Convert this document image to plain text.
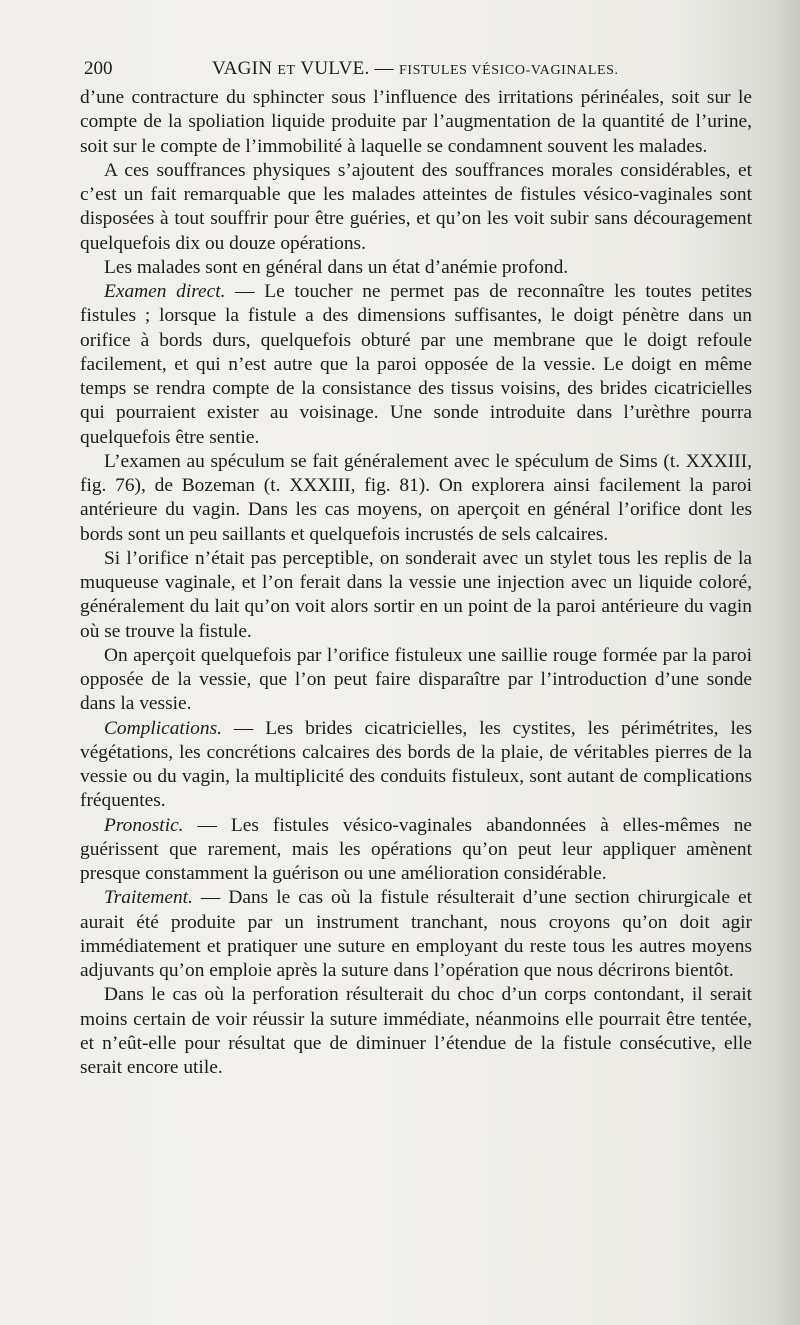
200	VAGIN ET VULVE. — FISTULES VÉSICO-VAGINALES.

d’une contracture du sphincter sous l’influence des irritations périnéales, soit sur le compte de la spoliation liquide produite par l’augmentation de la quantité de l’urine, soit sur le compte de l’immobilité à laquelle se condamnent souvent les malades.

A ces souffrances physiques s’ajoutent des souffrances morales considérables, et c’est un fait remarquable que les malades atteintes de fistules vésico-vaginales sont disposées à tout souffrir pour être guéries, et qu’on les voit subir sans découragement quelquefois dix ou douze opérations.

Les malades sont en général dans un état d’anémie profond.

Examen direct. — Le toucher ne permet pas de reconnaître les toutes petites fistules ; lorsque la fistule a des dimensions suffisantes, le doigt pénètre dans un orifice à bords durs, quelquefois obturé par une membrane que le doigt refoule facilement, et qui n’est autre que la paroi opposée de la vessie. Le doigt en même temps se rendra compte de la consistance des tissus voisins, des brides cicatricielles qui pourraient exister au voisinage. Une sonde introduite dans l’urèthre pourra quelquefois être sentie.

L’examen au spéculum se fait généralement avec le spéculum de Sims (t. XXXIII, fig. 76), de Bozeman (t. XXXIII, fig. 81). On explorera ainsi facilement la paroi antérieure du vagin. Dans les cas moyens, on aperçoit en général l’orifice dont les bords sont un peu saillants et quelquefois incrustés de sels calcaires.

Si l’orifice n’était pas perceptible, on sonderait avec un stylet tous les replis de la muqueuse vaginale, et l’on ferait dans la vessie une injection avec un liquide coloré, généralement du lait qu’on voit alors sortir en un point de la paroi antérieure du vagin où se trouve la fistule.

On aperçoit quelquefois par l’orifice fistuleux une saillie rouge formée par la paroi opposée de la vessie, que l’on peut faire disparaître par l’introduction d’une sonde dans la vessie.

Complications. — Les brides cicatricielles, les cystites, les périmétrites, les végétations, les concrétions calcaires des bords de la plaie, de véritables pierres de la vessie ou du vagin, la multiplicité des conduits fistuleux, sont autant de complications fréquentes.

Pronostic. — Les fistules vésico-vaginales abandonnées à elles-mêmes ne guérissent que rarement, mais les opérations qu’on peut leur appliquer amènent presque constamment la guérison ou une amélioration considérable.

Traitement. — Dans le cas où la fistule résulterait d’une section chirurgicale et aurait été produite par un instrument tranchant, nous croyons qu’on doit agir immédiatement et pratiquer une suture en employant du reste tous les autres moyens adjuvants qu’on emploie après la suture dans l’opération que nous décrirons bientôt.

Dans le cas où la perforation résulterait du choc d’un corps contondant, il serait moins certain de voir réussir la suture immédiate, néanmoins elle pourrait être tentée, et n’eût-elle pour résultat que de diminuer l’étendue de la fistule consécutive, elle serait encore utile.
